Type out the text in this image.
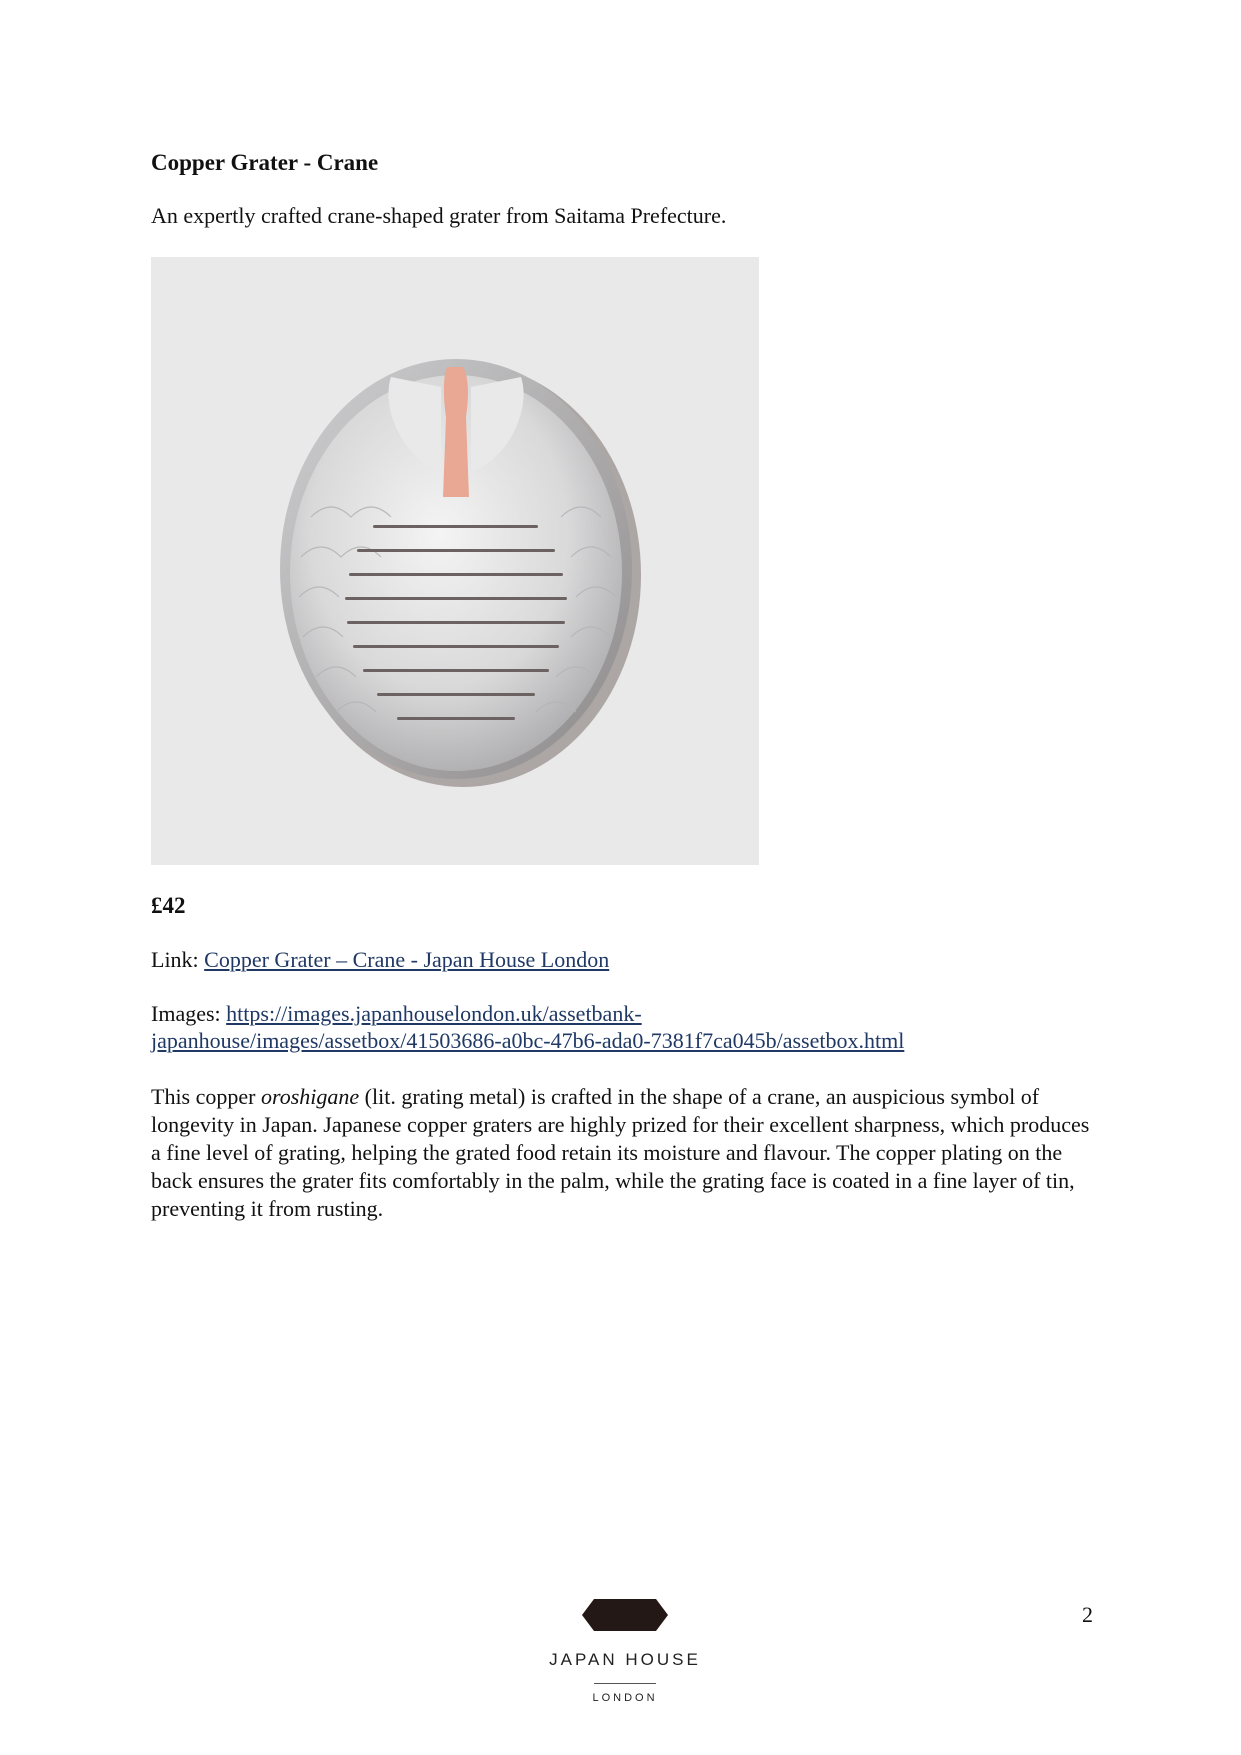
Copper Grater - Crane

An expertly crafted crane-shaped grater from Saitama Prefecture.

£42

Link: Copper Grater – Crane - Japan House London

Images: https://images.japanhouselondon.uk/assetbank-
japanhouse/images/assetbox/41503686-a0bc-47b6-ada0-7381f7ca045b/assetbox.html

This copper oroshigane (lit. grating metal) is crafted in the shape of a crane, an auspicious symbol of longevity in Japan. Japanese copper graters are highly prized for their excellent sharpness, which produces a fine level of grating, helping the grated food retain its moisture and flavour. The copper plating on the back ensures the grater fits comfortably in the palm, while the grating face is coated in a fine layer of tin, preventing it from rusting.

JAPAN HOUSE

LONDON

2
